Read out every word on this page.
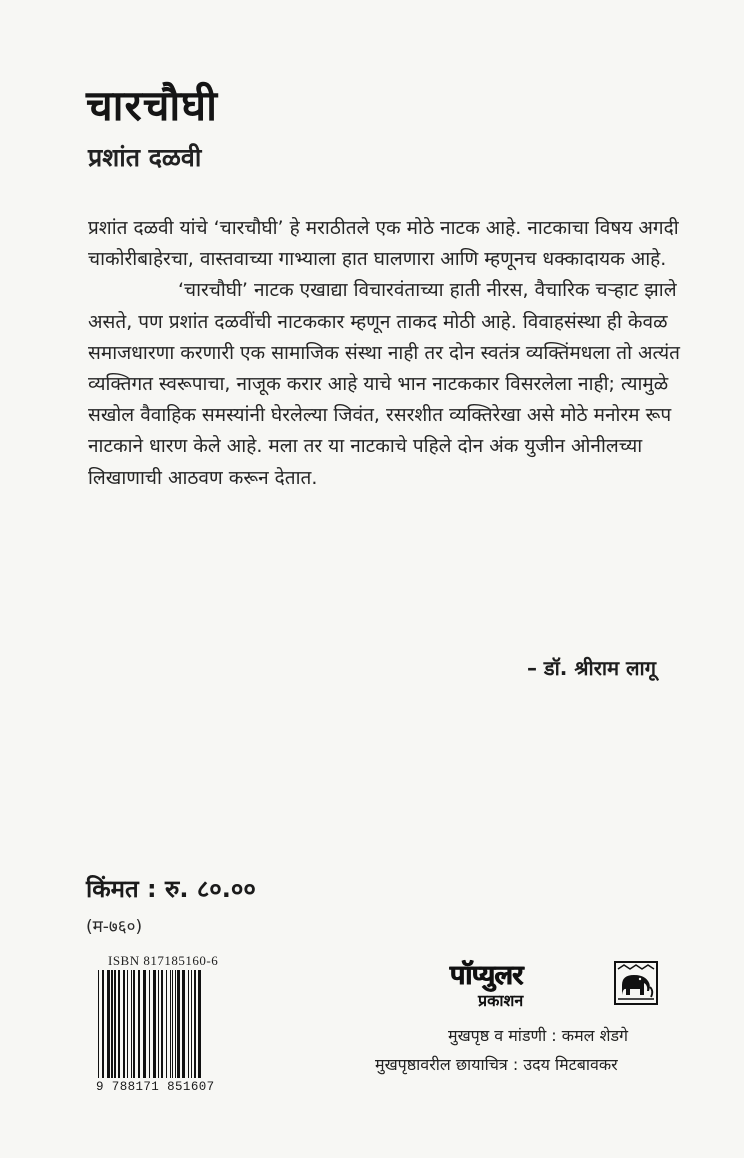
चारचौघी
प्रशांत दळवी

प्रशांत दळवी यांचे ‘चारचौघी’ हे मराठीतले एक मोठे नाटक आहे. नाटकाचा विषय अगदी चाकोरीबाहेरचा, वास्तवाच्या गाभ्याला हात घालणारा आणि म्हणूनच धक्कादायक आहे.

‘चारचौघी’ नाटक एखाद्या विचारवंताच्या हाती नीरस, वैचारिक चऱ्हाट झाले असते, पण प्रशांत दळवींची नाटककार म्हणून ताकद मोठी आहे. विवाहसंस्था ही केवळ समाजधारणा करणारी एक सामाजिक संस्था नाही तर दोन स्वतंत्र व्यक्तिंमधला तो अत्यंत व्यक्तिगत स्वरूपाचा, नाजूक करार आहे याचे भान नाटककार विसरलेला नाही; त्यामुळे सखोल वैवाहिक समस्यांनी घेरलेल्या जिवंत, रसरशीत व्यक्तिरेखा असे मोठे मनोरम रूप नाटकाने धारण केले आहे. मला तर या नाटकाचे पहिले दोन अंक युजीन ओनीलच्या लिखाणाची आठवण करून देतात.

– डॉ. श्रीराम लागू
किंमत : रु. ८०.००
(म-७६०)
ISBN 817185160-6
9 788171 851607
पॉप्युलर
प्रकाशन
मुखपृष्ठ व मांडणी : कमल शेडगे
मुखपृष्ठावरील छायाचित्र : उदय मिटबावकर
